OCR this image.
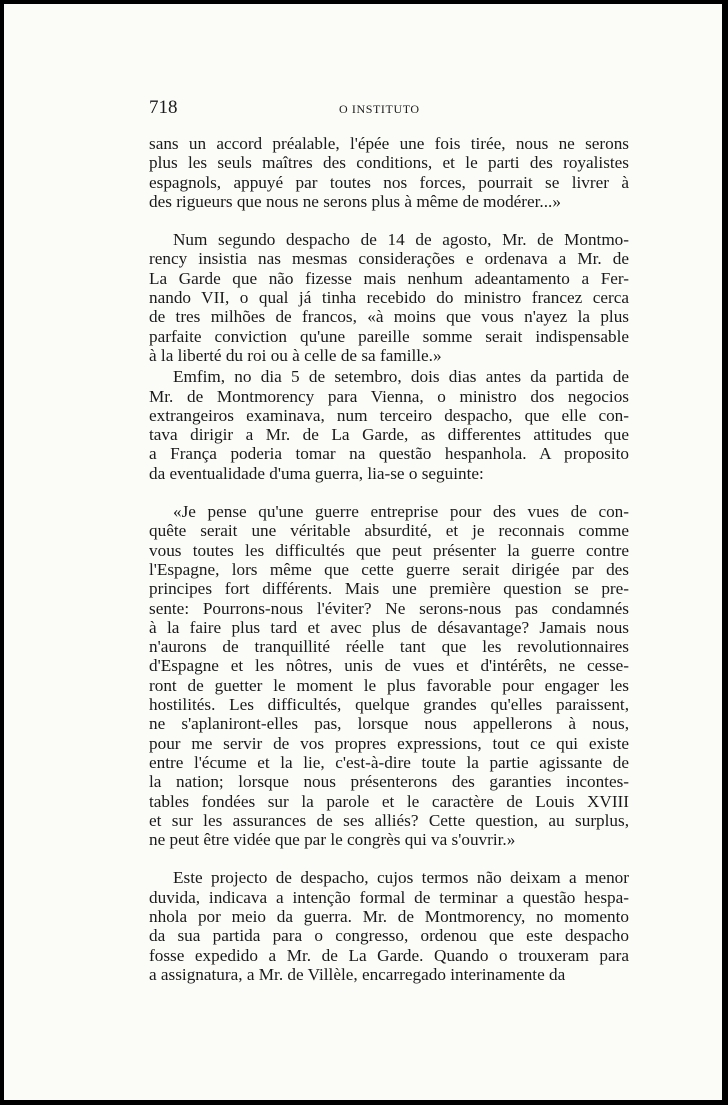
718	O INSTITUTO

sans un accord préalable, l'épée une fois tirée, nous ne serons
plus les seuls maîtres des conditions, et le parti des royalistes
espagnols, appuyé par toutes nos forces, pourrait se livrer à
des rigueurs que nous ne serons plus à même de modérer...»

Num segundo despacho de 14 de agosto, Mr. de Montmo-
rency insistia nas mesmas considerações e ordenava a Mr. de
La Garde que não fizesse mais nenhum adeantamento a Fer-
nando VII, o qual já tinha recebido do ministro francez cerca
de tres milhões de francos, «à moins que vous n'ayez la plus
parfaite conviction qu'une pareille somme serait indispensable
à la liberté du roi ou à celle de sa famille.»

Emfim, no dia 5 de setembro, dois dias antes da partida de
Mr. de Montmorency para Vienna, o ministro dos negocios
extrangeiros examinava, num terceiro despacho, que elle con-
tava dirigir a Mr. de La Garde, as differentes attitudes que
a França poderia tomar na questão hespanhola. A proposito
da eventualidade d'uma guerra, lia-se o seguinte:

«Je pense qu'une guerre entreprise pour des vues de con-
quête serait une véritable absurdité, et je reconnais comme
vous toutes les difficultés que peut présenter la guerre contre
l'Espagne, lors même que cette guerre serait dirigée par des
principes fort différents. Mais une première question se pre-
sente: Pourrons-nous l'éviter? Ne serons-nous pas condamnés
à la faire plus tard et avec plus de désavantage? Jamais nous
n'aurons de tranquillité réelle tant que les revolutionnaires
d'Espagne et les nôtres, unis de vues et d'intérêts, ne cesse-
ront de guetter le moment le plus favorable pour engager les
hostilités. Les difficultés, quelque grandes qu'elles paraissent,
ne s'aplaniront-elles pas, lorsque nous appellerons à nous,
pour me servir de vos propres expressions, tout ce qui existe
entre l'écume et la lie, c'est-à-dire toute la partie agissante de
la nation; lorsque nous présenterons des garanties incontes-
tables fondées sur la parole et le caractère de Louis XVIII
et sur les assurances de ses alliés? Cette question, au surplus,
ne peut être vidée que par le congrès qui va s'ouvrir.»

Este projecto de despacho, cujos termos não deixam a menor
duvida, indicava a intenção formal de terminar a questão hespa-
nhola por meio da guerra. Mr. de Montmorency, no momento
da sua partida para o congresso, ordenou que este despacho
fosse expedido a Mr. de La Garde. Quando o trouxeram para
a assignatura, a Mr. de Villèle, encarregado interinamente da
